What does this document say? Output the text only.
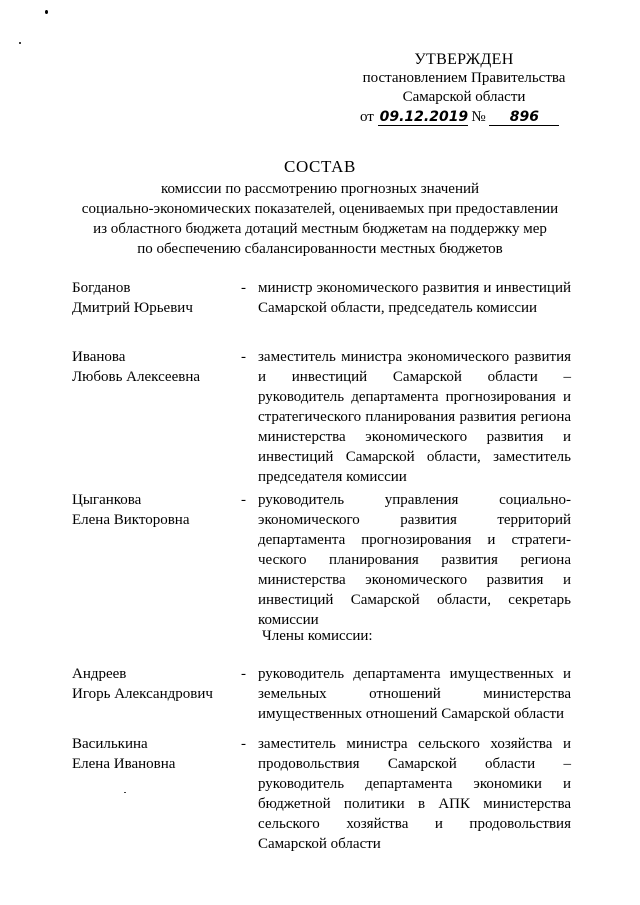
УТВЕРЖДЕН
постановлением Правительства
Самарской области
от 09.12.2019 № 896
СОСТАВ
комиссии по рассмотрению прогнозных значений
социально-экономических показателей, оцениваемых при предоставлении
из областного бюджета дотаций местным бюджетам на поддержку мер
по обеспечению сбалансированности местных бюджетов
Богданов
Дмитрий Юрьевич
- министр экономического развития и инвестиций Самарской области, председатель комиссии
Иванова
Любовь Алексеевна
- заместитель министра экономического развития и инвестиций Самарской области – руководитель департамента прогнозирования и стратегического планирования развития региона министерства экономического развития и инвестиций Самарской области, заместитель председателя комиссии
Цыганкова
Елена Викторовна
- руководитель управления социально-экономического развития территорий департамента прогнозирования и стратеги-ческого планирования развития региона министерства экономического развития и инвестиций Самарской области, секретарь комиссии
Члены комиссии:
Андреев
Игорь Александрович
- руководитель департамента имущественных и земельных отношений министерства имущественных отношений Самарской области
Василькина
Елена Ивановна
- заместитель министра сельского хозяйства и продовольствия Самарской области – руководитель департамента экономики и бюджетной политики в АПК министерства сельского хозяйства и продовольствия Самарской области
